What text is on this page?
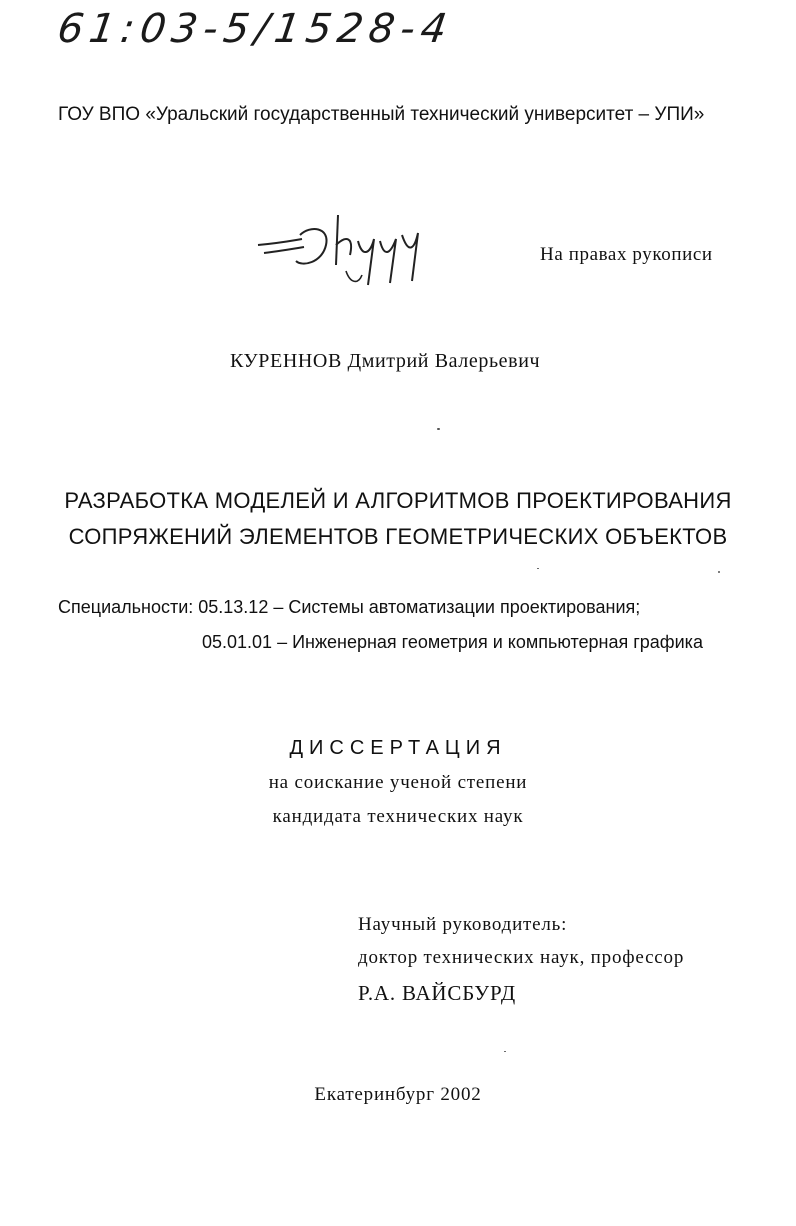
61:03-5/1528-4
ГОУ ВПО «Уральский государственный технический университет – УПИ»
На правах рукописи
КУРЕННОВ Дмитрий Валерьевич
РАЗРАБОТКА МОДЕЛЕЙ И АЛГОРИТМОВ ПРОЕКТИРОВАНИЯ
СОПРЯЖЕНИЙ ЭЛЕМЕНТОВ ГЕОМЕТРИЧЕСКИХ ОБЪЕКТОВ
Специальности: 05.13.12 – Системы автоматизации проектирования;
05.01.01 – Инженерная геометрия и компьютерная графика
ДИССЕРТАЦИЯ
на соискание ученой степени
кандидата технических наук
Научный руководитель:
доктор технических наук, профессор
Р.А. ВАЙСБУРД
Екатеринбург 2002
